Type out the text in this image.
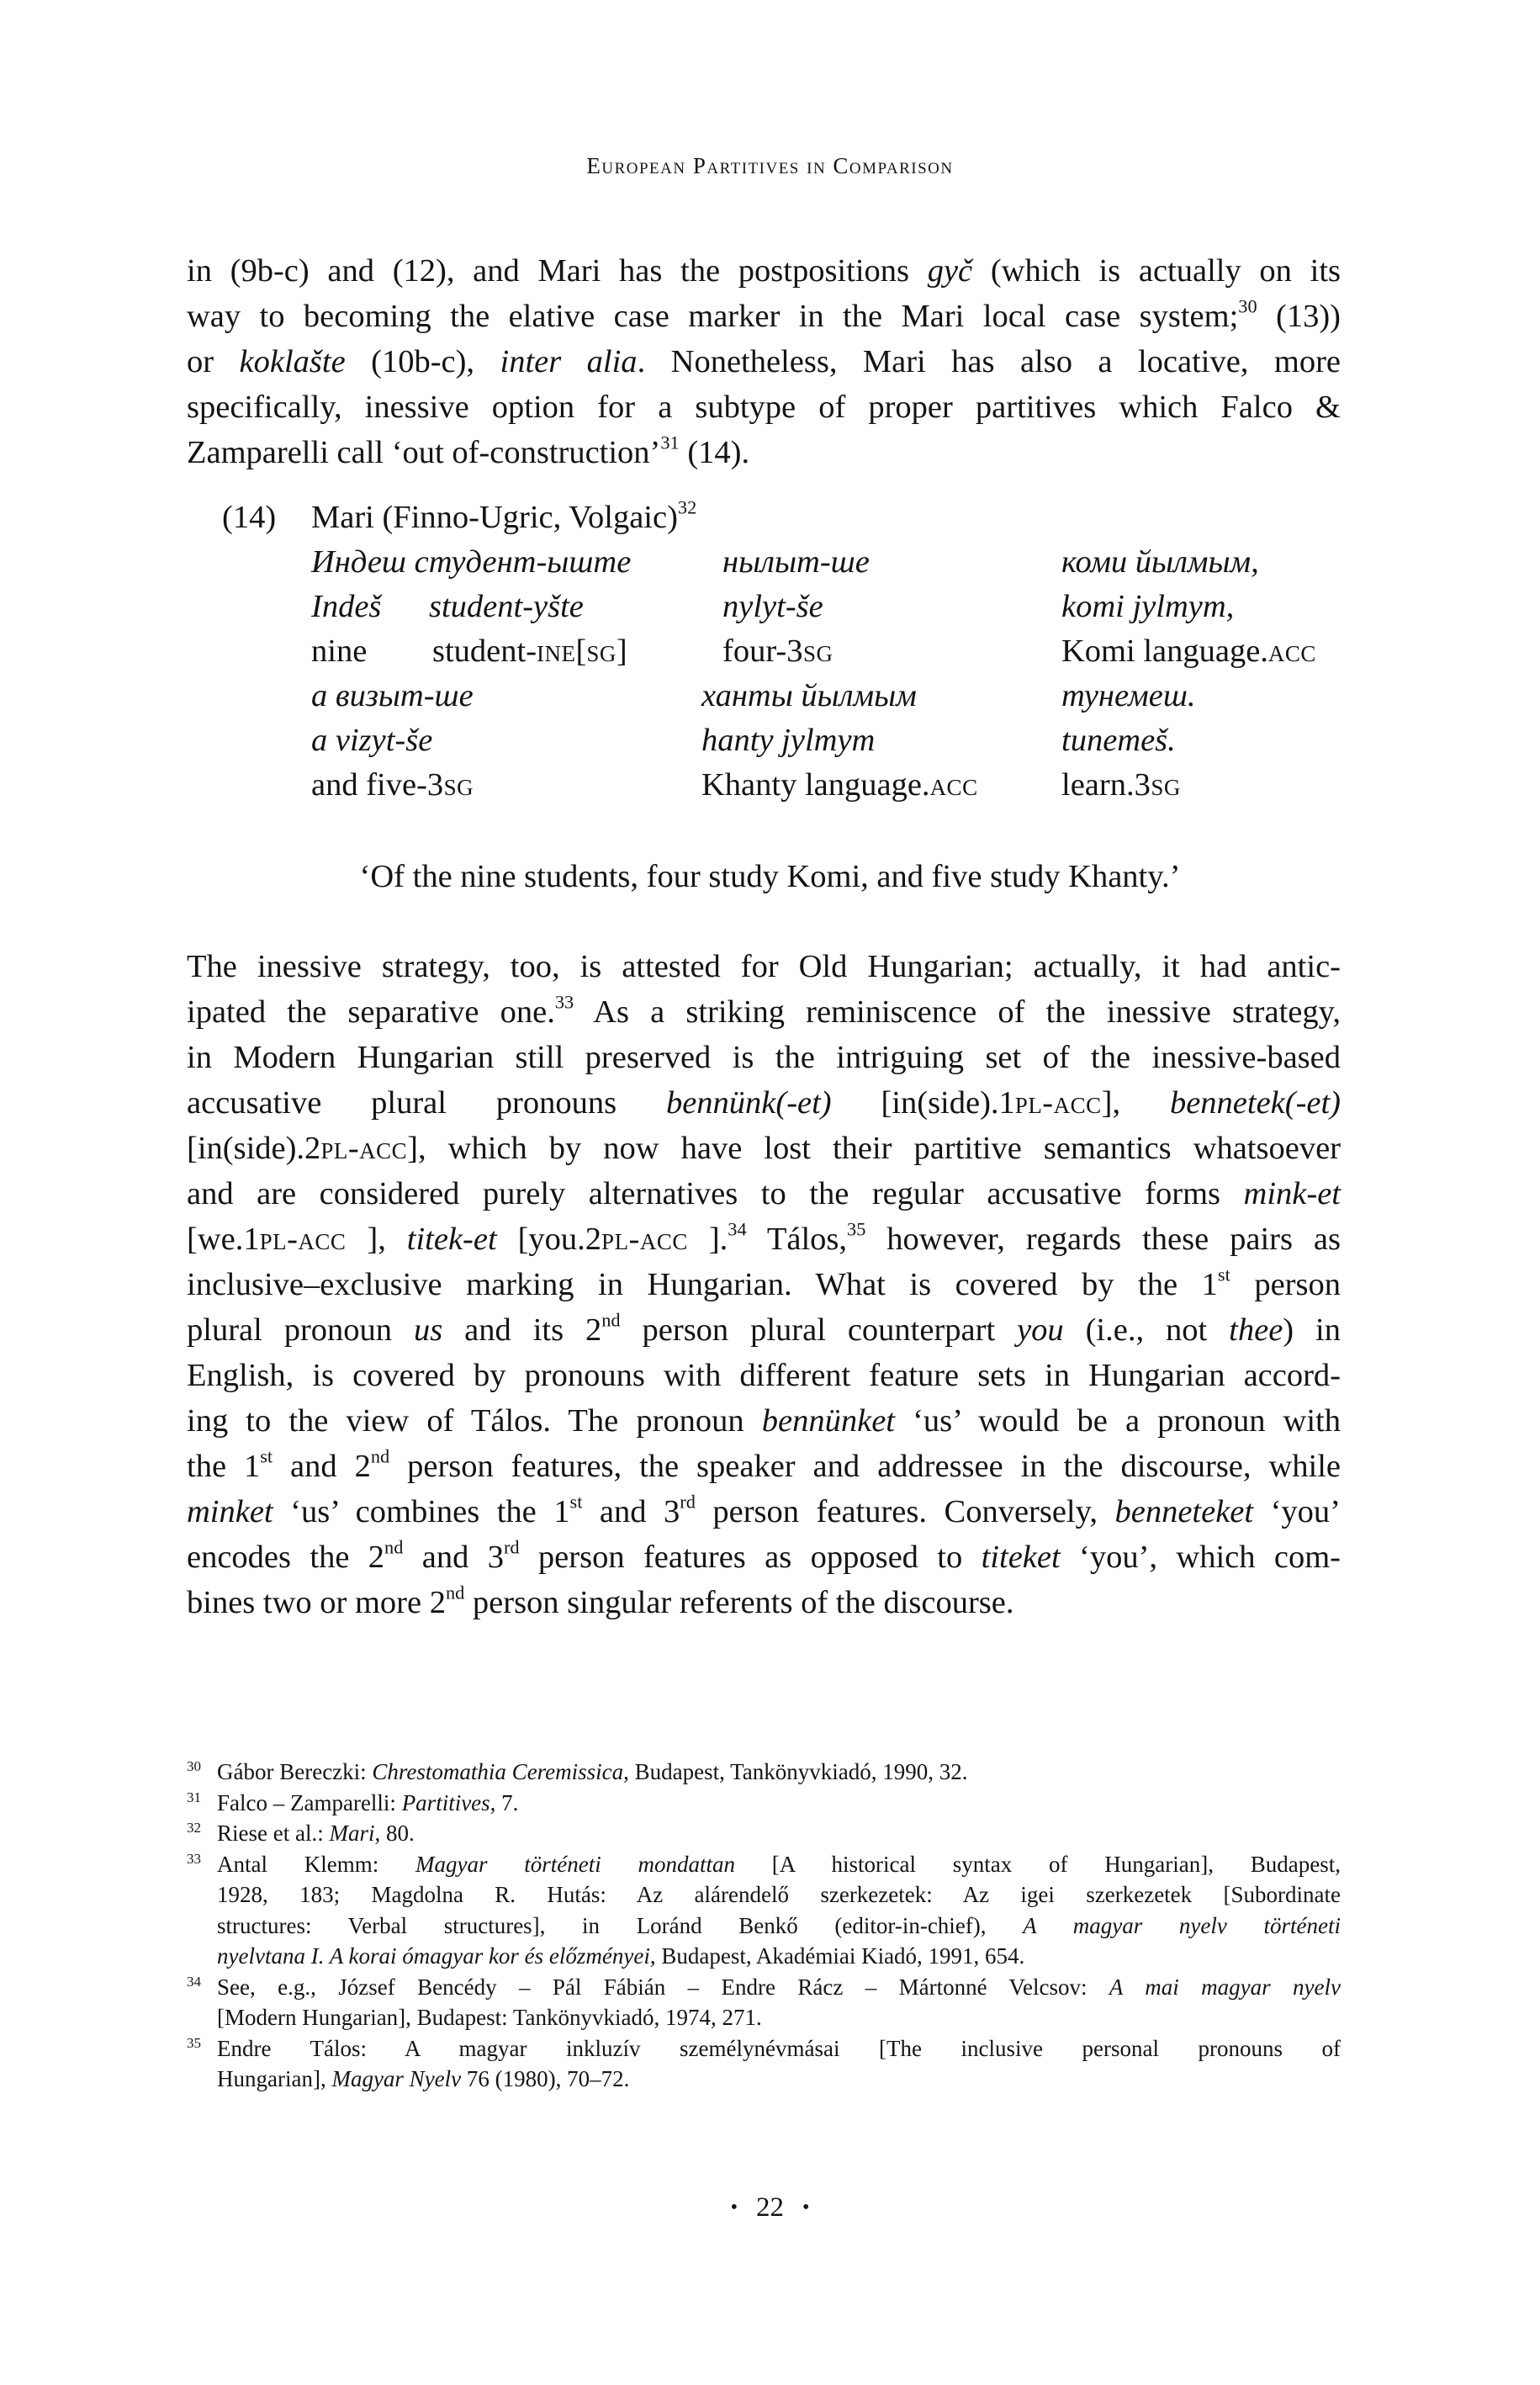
European Partitives in Comparison
in (9b-c) and (12), and Mari has the postpositions gyč (which is actually on its
way to becoming the elative case marker in the Mari local case system;$^{30}$ (13))
or koklašte (10b-c), inter alia. Nonetheless, Mari has also a locative, more
specifically, inessive option for a subtype of proper partitives which Falco &
Zamparelli call ‘out of-construction’$^{31}$ (14).
(14) Mari (Finno-Ugric, Volgaic)$^{32}$
Индеш студент-ыште	нылыт-ше	коми йылмым,
Indeš student-yšte	nylyt-še	komi jylmym,
nine student-ine[sg]	four-3sg	Komi language.acc
а визыт-ше	ханты йылмым	тунемеш.
a vizyt-še	hanty jylmym	tunemeš.
and five-3sg	Khanty language.acc	learn.3sg
‘Of the nine students, four study Komi, and five study Khanty.’
The inessive strategy, too, is attested for Old Hungarian; actually, it had antic-
ipated the separative one.$^{33}$ As a striking reminiscence of the inessive strategy,
in Modern Hungarian still preserved is the intriguing set of the inessive-based
accusative plural pronouns bennünk(-et) [in(side).1pl-acc], bennetek(-et)
[in(side).2pl-acc], which by now have lost their partitive semantics whatsoever
and are considered purely alternatives to the regular accusative forms mink-et
[we.1pl-acc ], titek-et [you.2pl-acc ].$^{34}$ Tálos,$^{35}$ however, regards these pairs as
inclusive–exclusive marking in Hungarian. What is covered by the 1st person
plural pronoun us and its 2nd person plural counterpart you (i.e., not thee) in
English, is covered by pronouns with different feature sets in Hungarian accord-
ing to the view of Tálos. The pronoun bennünket ‘us’ would be a pronoun with
the 1st and 2nd person features, the speaker and addressee in the discourse, while
minket ‘us’ combines the 1st and 3rd person features. Conversely, benneteket ‘you’
encodes the 2nd and 3rd person features as opposed to titeket ‘you’, which com-
bines two or more 2nd person singular referents of the discourse.
30 Gábor Bereczki: Chrestomathia Ceremissica, Budapest, Tankönyvkiadó, 1990, 32.
31 Falco – Zamparelli: Partitives, 7.
32 Riese et al.: Mari, 80.
33 Antal Klemm: Magyar történeti mondattan [A historical syntax of Hungarian], Budapest,
1928, 183; Magdolna R. Hutás: Az alárendelő szerkezetek: Az igei szerkezetek [Subordinate
structures: Verbal structures], in Loránd Benkő (editor-in-chief), A magyar nyelv történeti
nyelvtana I. A korai ómagyar kor és előzményei, Budapest, Akadémiai Kiadó, 1991, 654.
34 See, e.g., József Bencédy – Pál Fábián – Endre Rácz – Mártonné Velcsov: A mai magyar nyelv
[Modern Hungarian], Budapest: Tankönyvkiadó, 1974, 271.
35 Endre Tálos: A magyar inkluzív személynévmásai [The inclusive personal pronouns of
Hungarian], Magyar Nyelv 76 (1980), 70–72.
• 22 •
